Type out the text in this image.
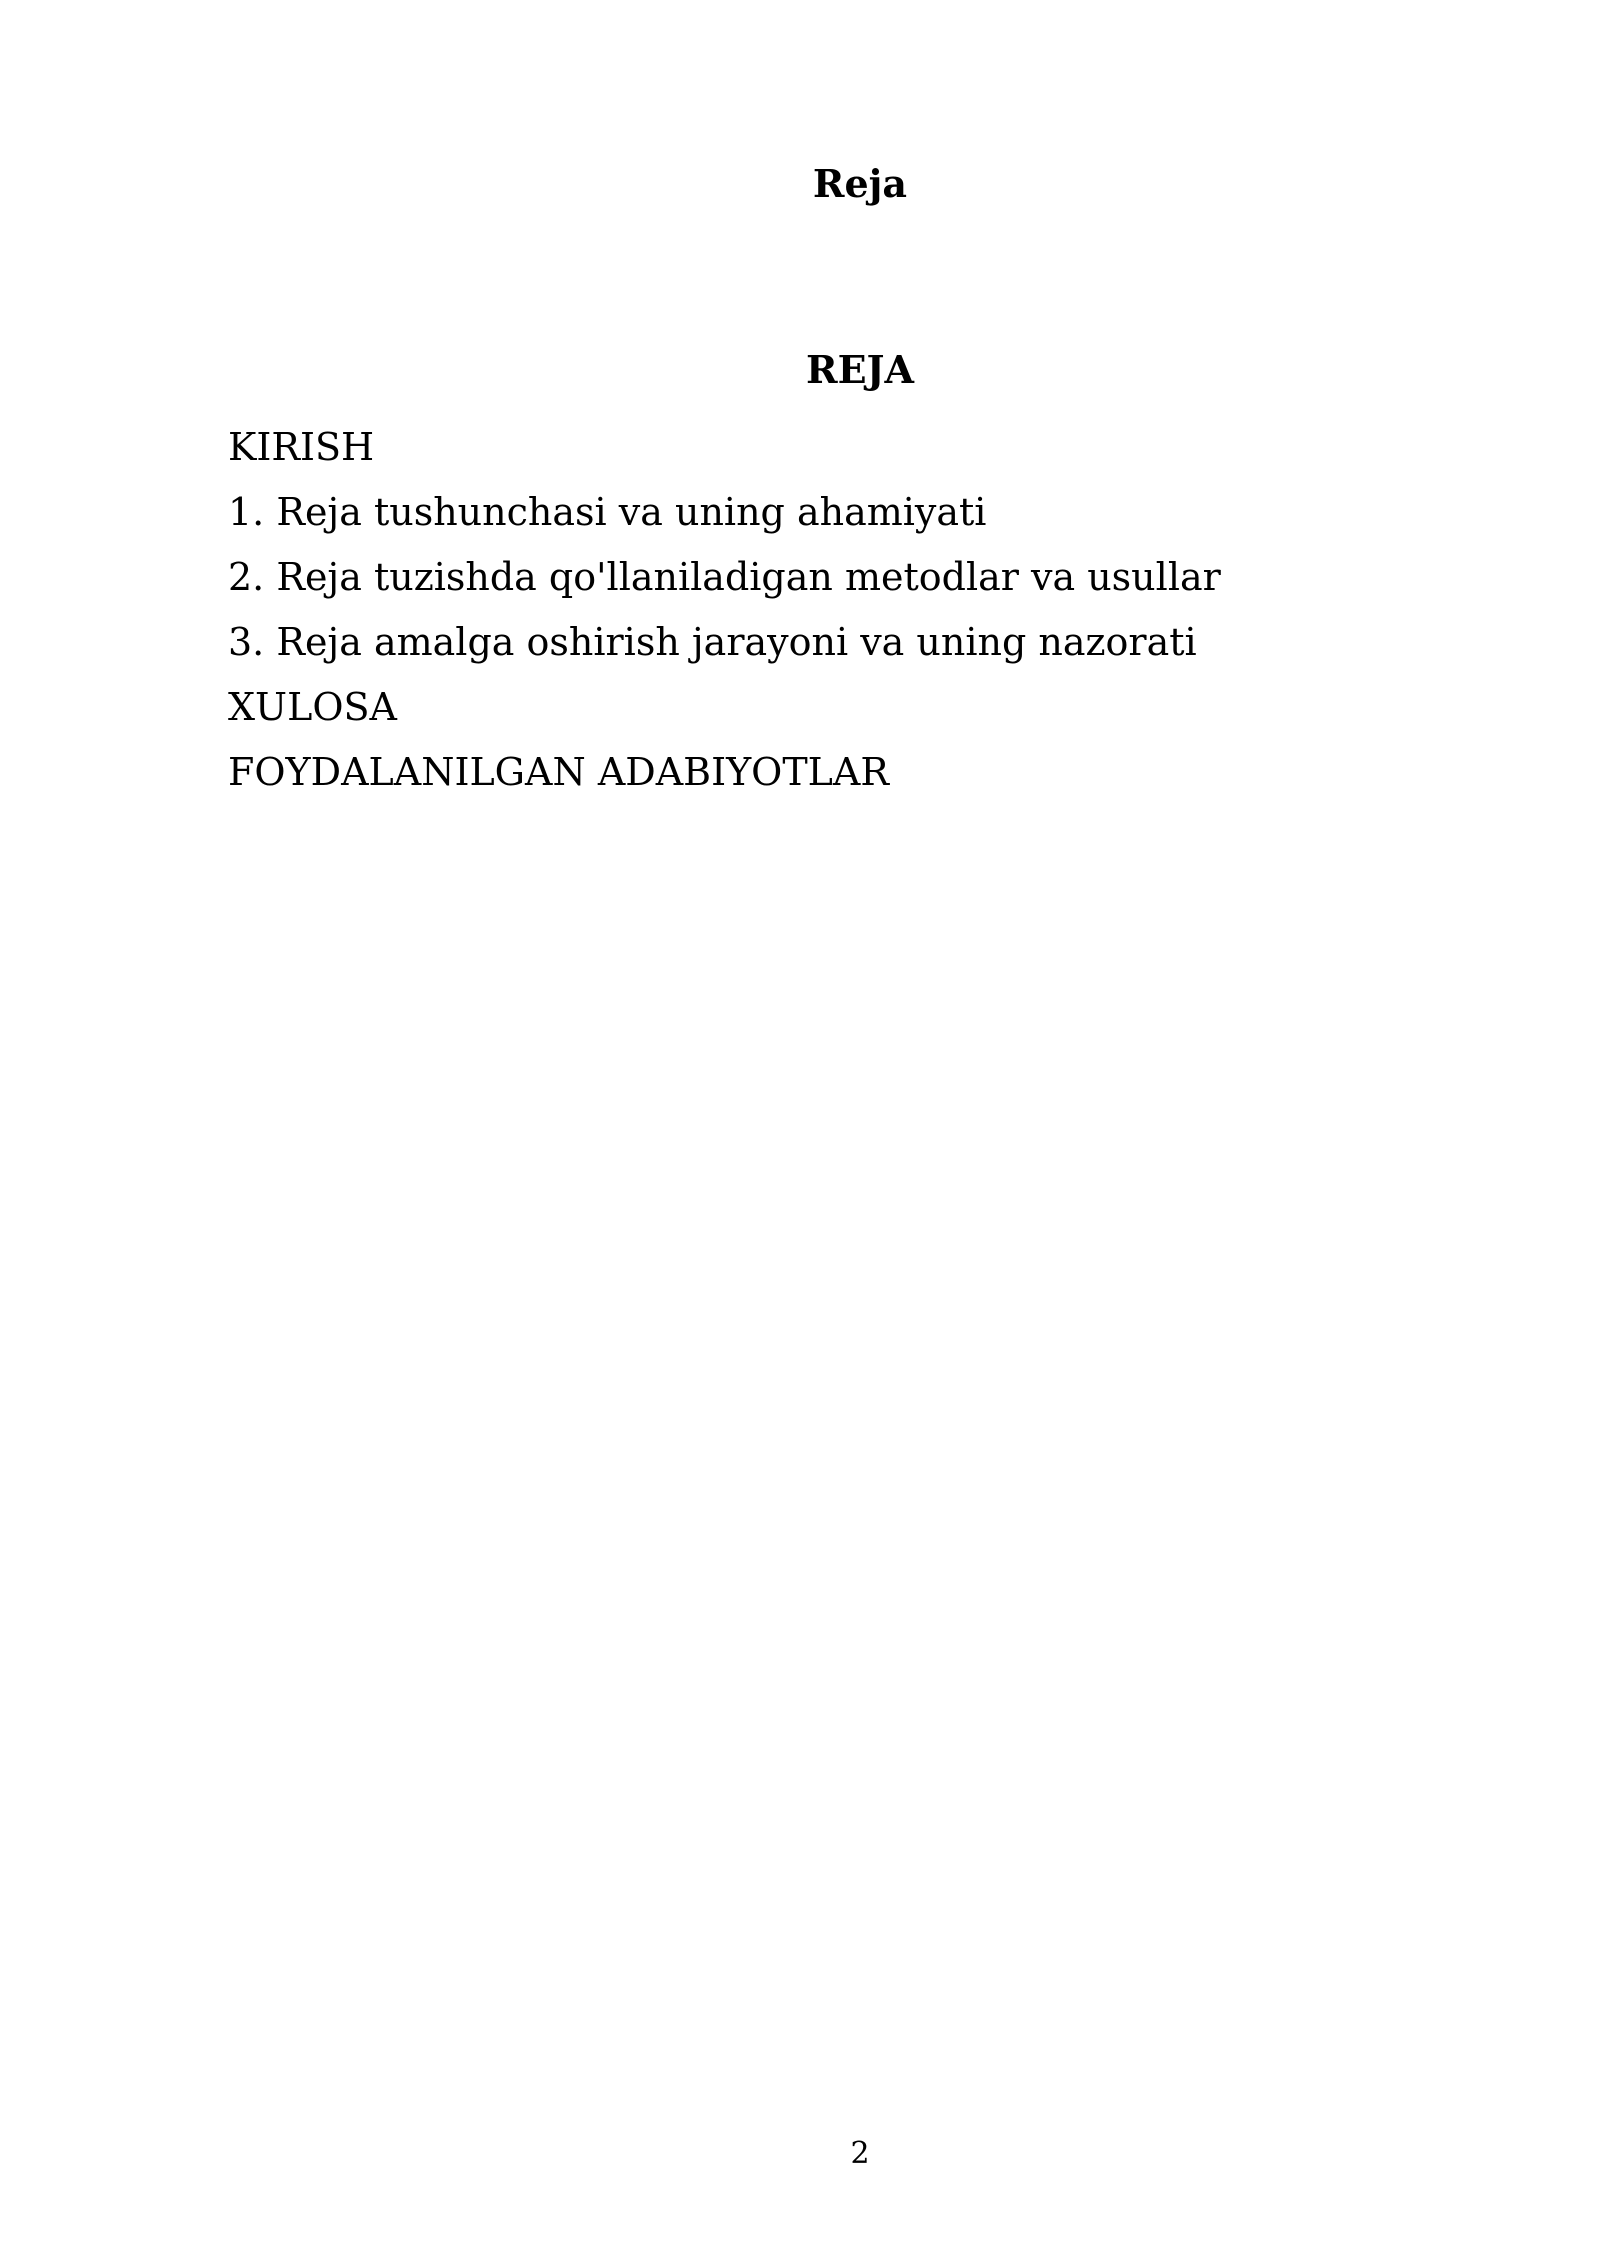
Reja
REJA
KIRISH
1. Reja tushunchasi va uning ahamiyati
2. Reja tuzishda qo'llaniladigan metodlar va usullar
3. Reja amalga oshirish jarayoni va uning nazorati
XULOSA
FOYDALANILGAN ADABIYOTLAR
2
